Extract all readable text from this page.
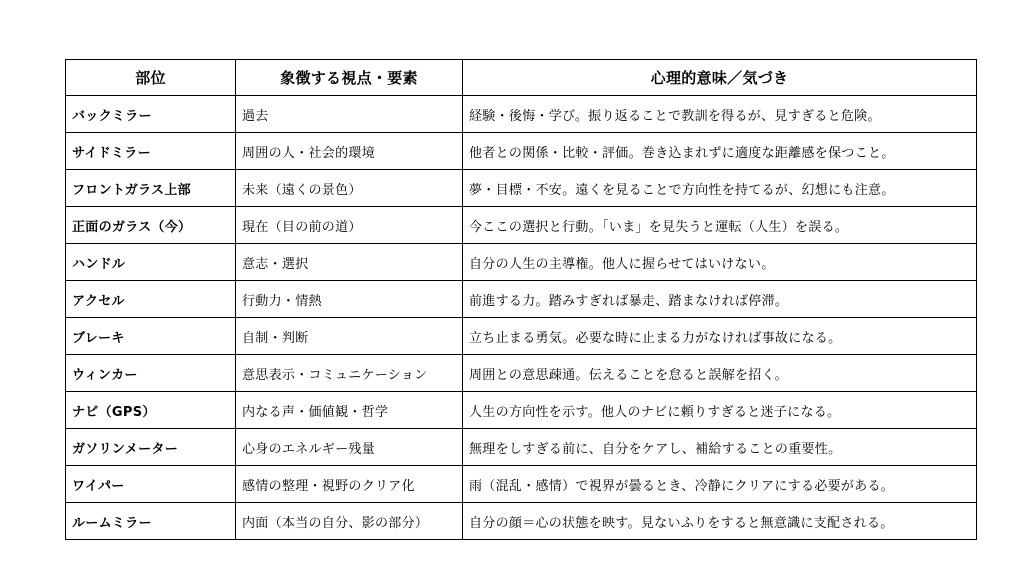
部位	象徴する視点・要素	心理的意味／気づき
バックミラー	過去	経験・後悔・学び。振り返ることで教訓を得るが、見すぎると危険。
サイドミラー	周囲の人・社会的環境	他者との関係・比較・評価。巻き込まれずに適度な距離感を保つこと。
フロントガラス上部	未来（遠くの景色）	夢・目標・不安。遠くを見ることで方向性を持てるが、幻想にも注意。
正面のガラス（今）	現在（目の前の道）	今ここの選択と行動。「いま」を見失うと運転（人生）を誤る。
ハンドル	意志・選択	自分の人生の主導権。他人に握らせてはいけない。
アクセル	行動力・情熱	前進する力。踏みすぎれば暴走、踏まなければ停滞。
ブレーキ	自制・判断	立ち止まる勇気。必要な時に止まる力がなければ事故になる。
ウィンカー	意思表示・コミュニケーション	周囲との意思疎通。伝えることを怠ると誤解を招く。
ナビ（GPS）	内なる声・価値観・哲学	人生の方向性を示す。他人のナビに頼りすぎると迷子になる。
ガソリンメーター	心身のエネルギー残量	無理をしすぎる前に、自分をケアし、補給することの重要性。
ワイパー	感情の整理・視野のクリア化	雨（混乱・感情）で視界が曇るとき、冷静にクリアにする必要がある。
ルームミラー	内面（本当の自分、影の部分）	自分の顔＝心の状態を映す。見ないふりをすると無意識に支配される。
